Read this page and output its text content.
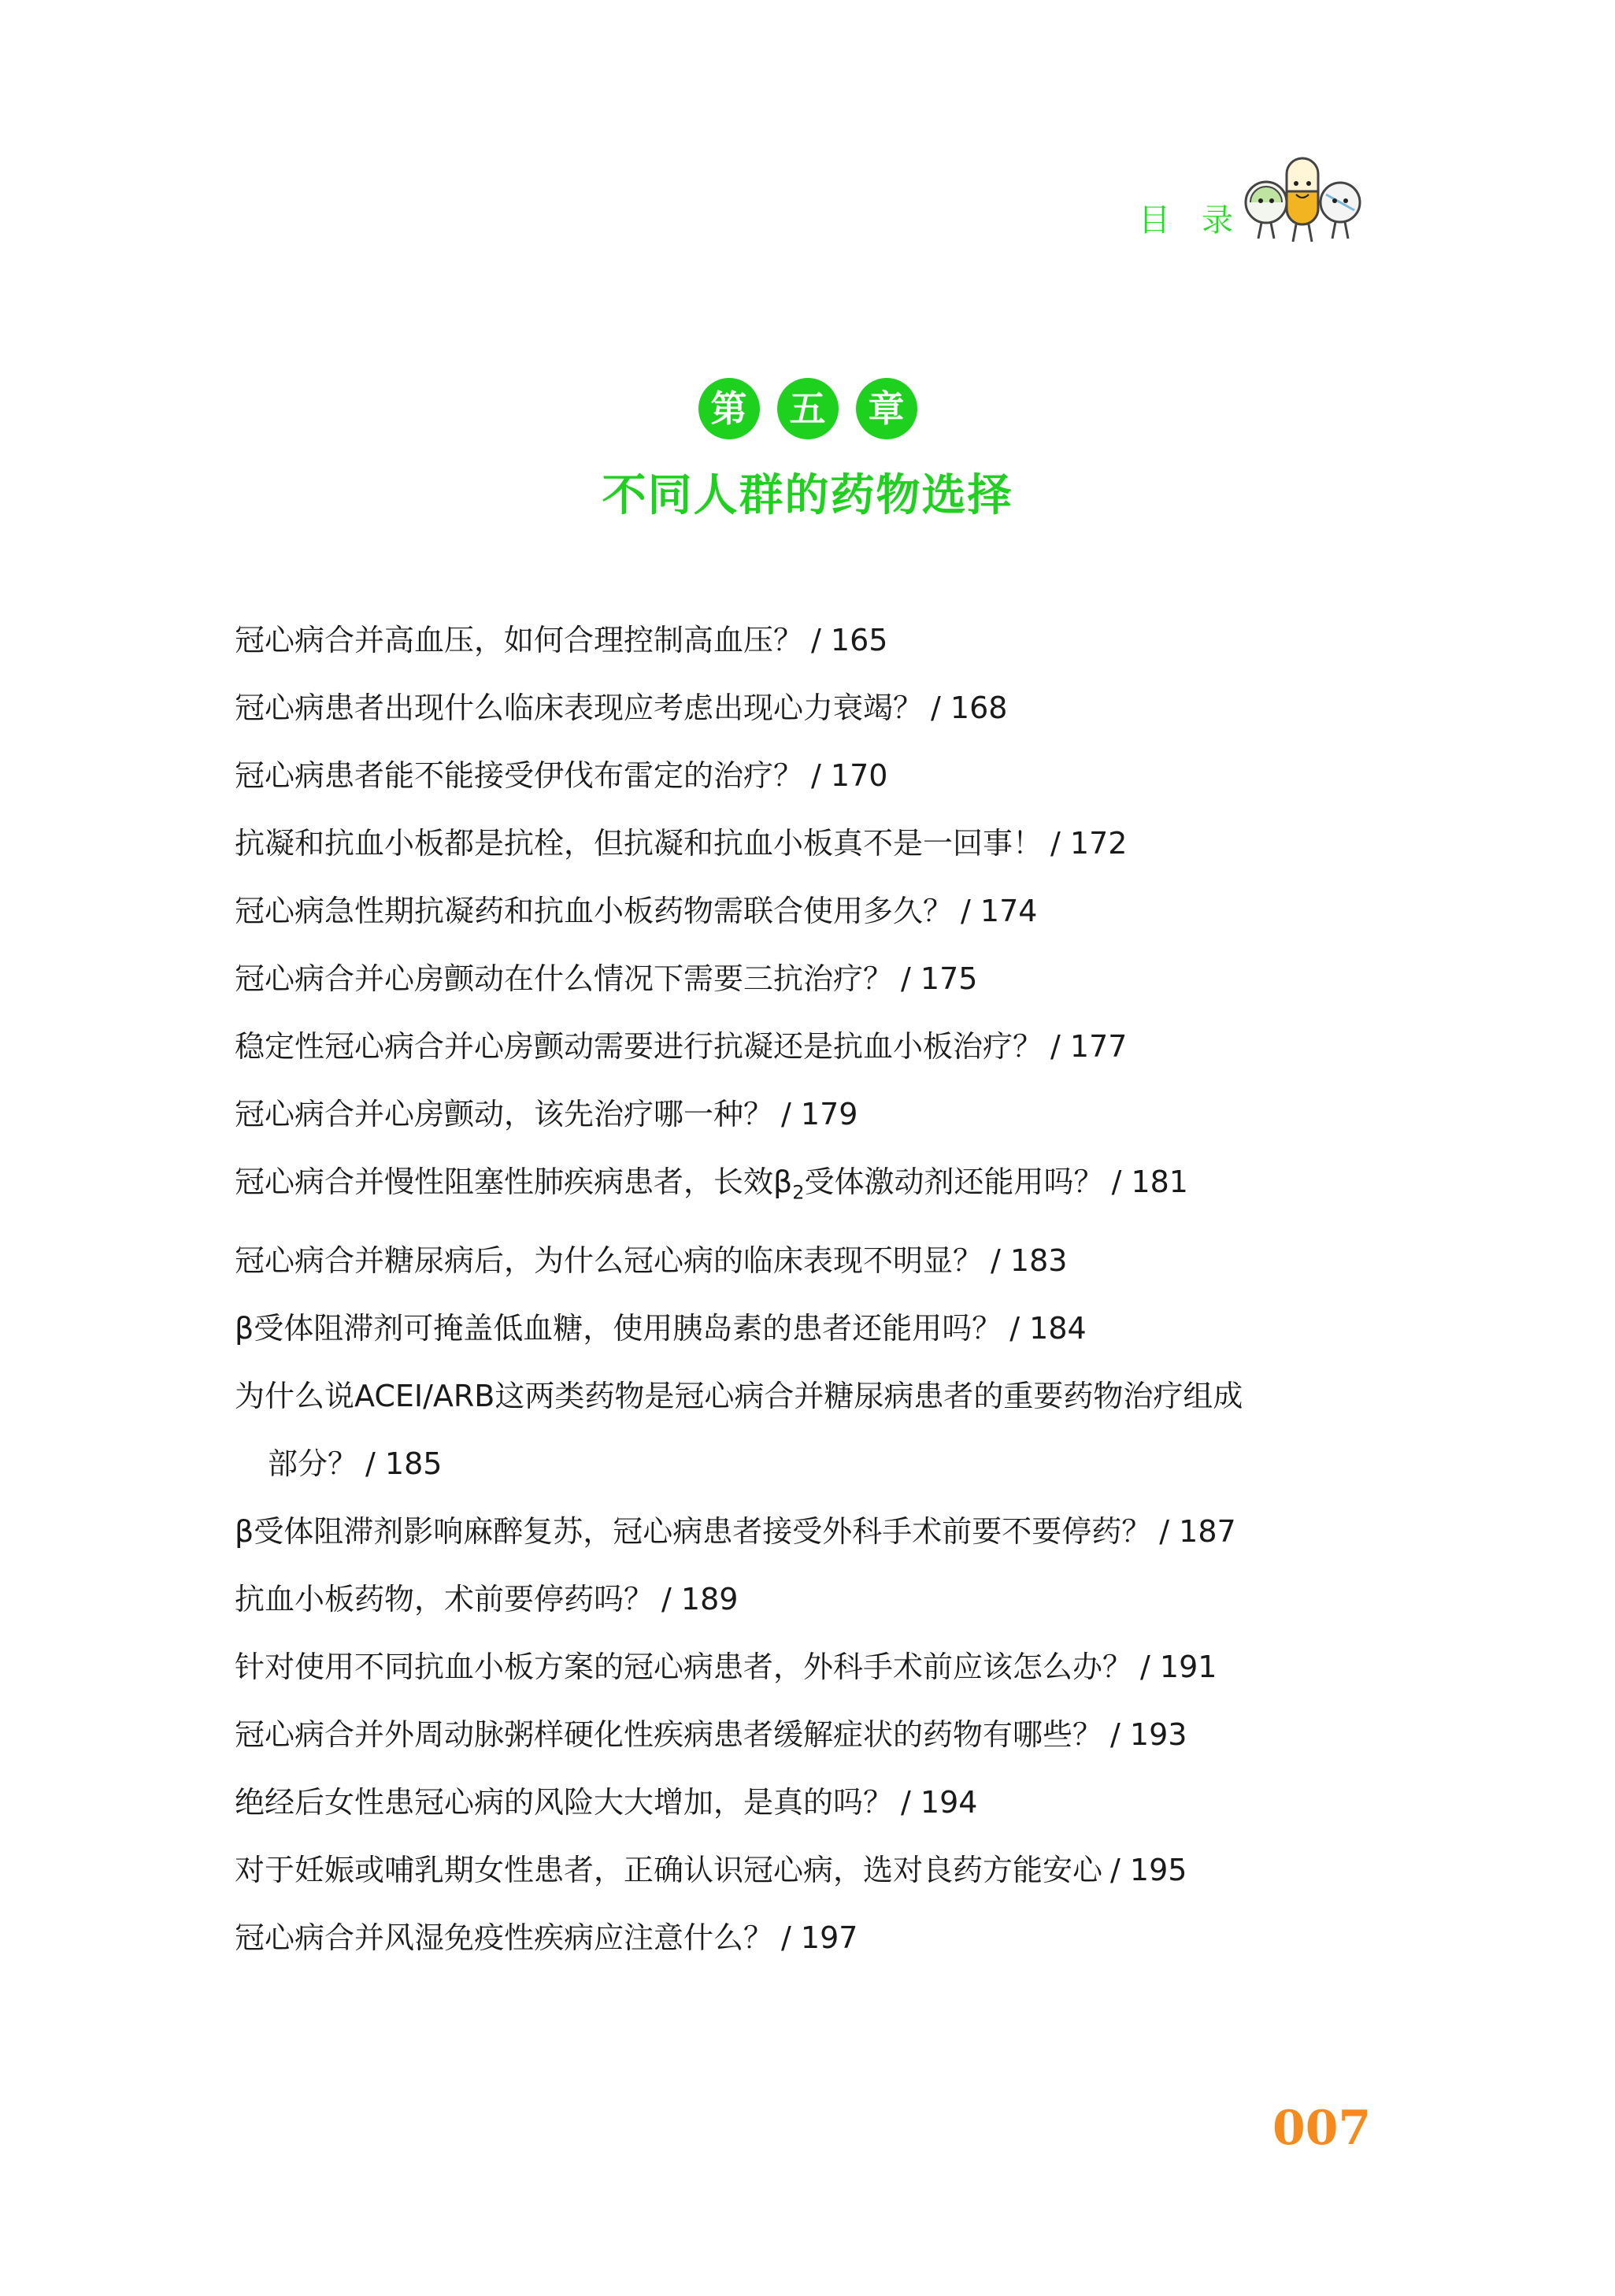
目 录
第	五	章
不同人群的药物选择
冠心病合并高血压，如何合理控制高血压？ / 165
冠心病患者出现什么临床表现应考虑出现心力衰竭？ / 168
冠心病患者能不能接受伊伐布雷定的治疗？ / 170
抗凝和抗血小板都是抗栓，但抗凝和抗血小板真不是一回事！ / 172
冠心病急性期抗凝药和抗血小板药物需联合使用多久？ / 174
冠心病合并心房颤动在什么情况下需要三抗治疗？ / 175
稳定性冠心病合并心房颤动需要进行抗凝还是抗血小板治疗？ / 177
冠心病合并心房颤动，该先治疗哪一种？ / 179
冠心病合并慢性阻塞性肺疾病患者，长效$\beta_2$受体激动剂还能用吗？ / 181
冠心病合并糖尿病后，为什么冠心病的临床表现不明显？ / 183
β受体阻滞剂可掩盖低血糖，使用胰岛素的患者还能用吗？ / 184
为什么说ACEI/ARB这两类药物是冠心病合并糖尿病患者的重要药物治疗组成
部分？ / 185
β受体阻滞剂影响麻醉复苏，冠心病患者接受外科手术前要不要停药？ / 187
抗血小板药物，术前要停药吗？ / 189
针对使用不同抗血小板方案的冠心病患者，外科手术前应该怎么办？ / 191
冠心病合并外周动脉粥样硬化性疾病患者缓解症状的药物有哪些？ / 193
绝经后女性患冠心病的风险大大增加，是真的吗？ / 194
对于妊娠或哺乳期女性患者，正确认识冠心病，选对良药方能安心 / 195
冠心病合并风湿免疫性疾病应注意什么？ / 197
007
